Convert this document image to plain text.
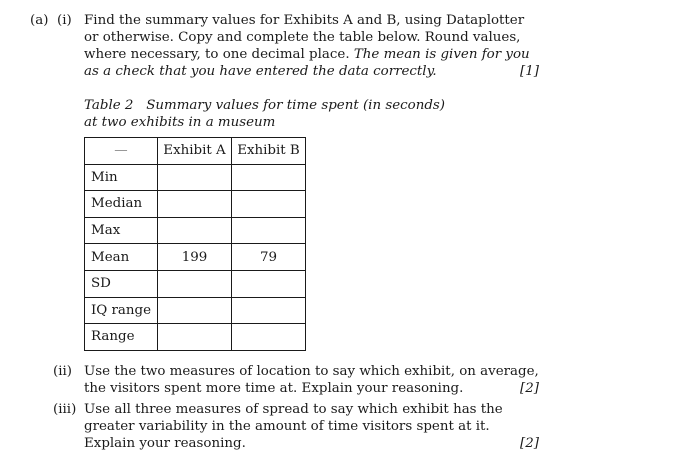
(a) (i) Find the summary values for Exhibits A and B, using Dataplotter
or otherwise. Copy and complete the table below. Round values,
where necessary, to one decimal place. The mean is given for you
as a check that you have entered the data correctly.	[1]
Table 2   Summary values for time spent (in seconds)
at two exhibits in a museum
—	Exhibit A	Exhibit B
Min		
Median		
Max		
Mean	199	79
SD		
IQ range		
Range		
(ii) Use the two measures of location to say which exhibit, on average,
the visitors spent more time at. Explain your reasoning.	[2]
(iii) Use all three measures of spread to say which exhibit has the
greater variability in the amount of time visitors spent at it.
Explain your reasoning.	[2]
